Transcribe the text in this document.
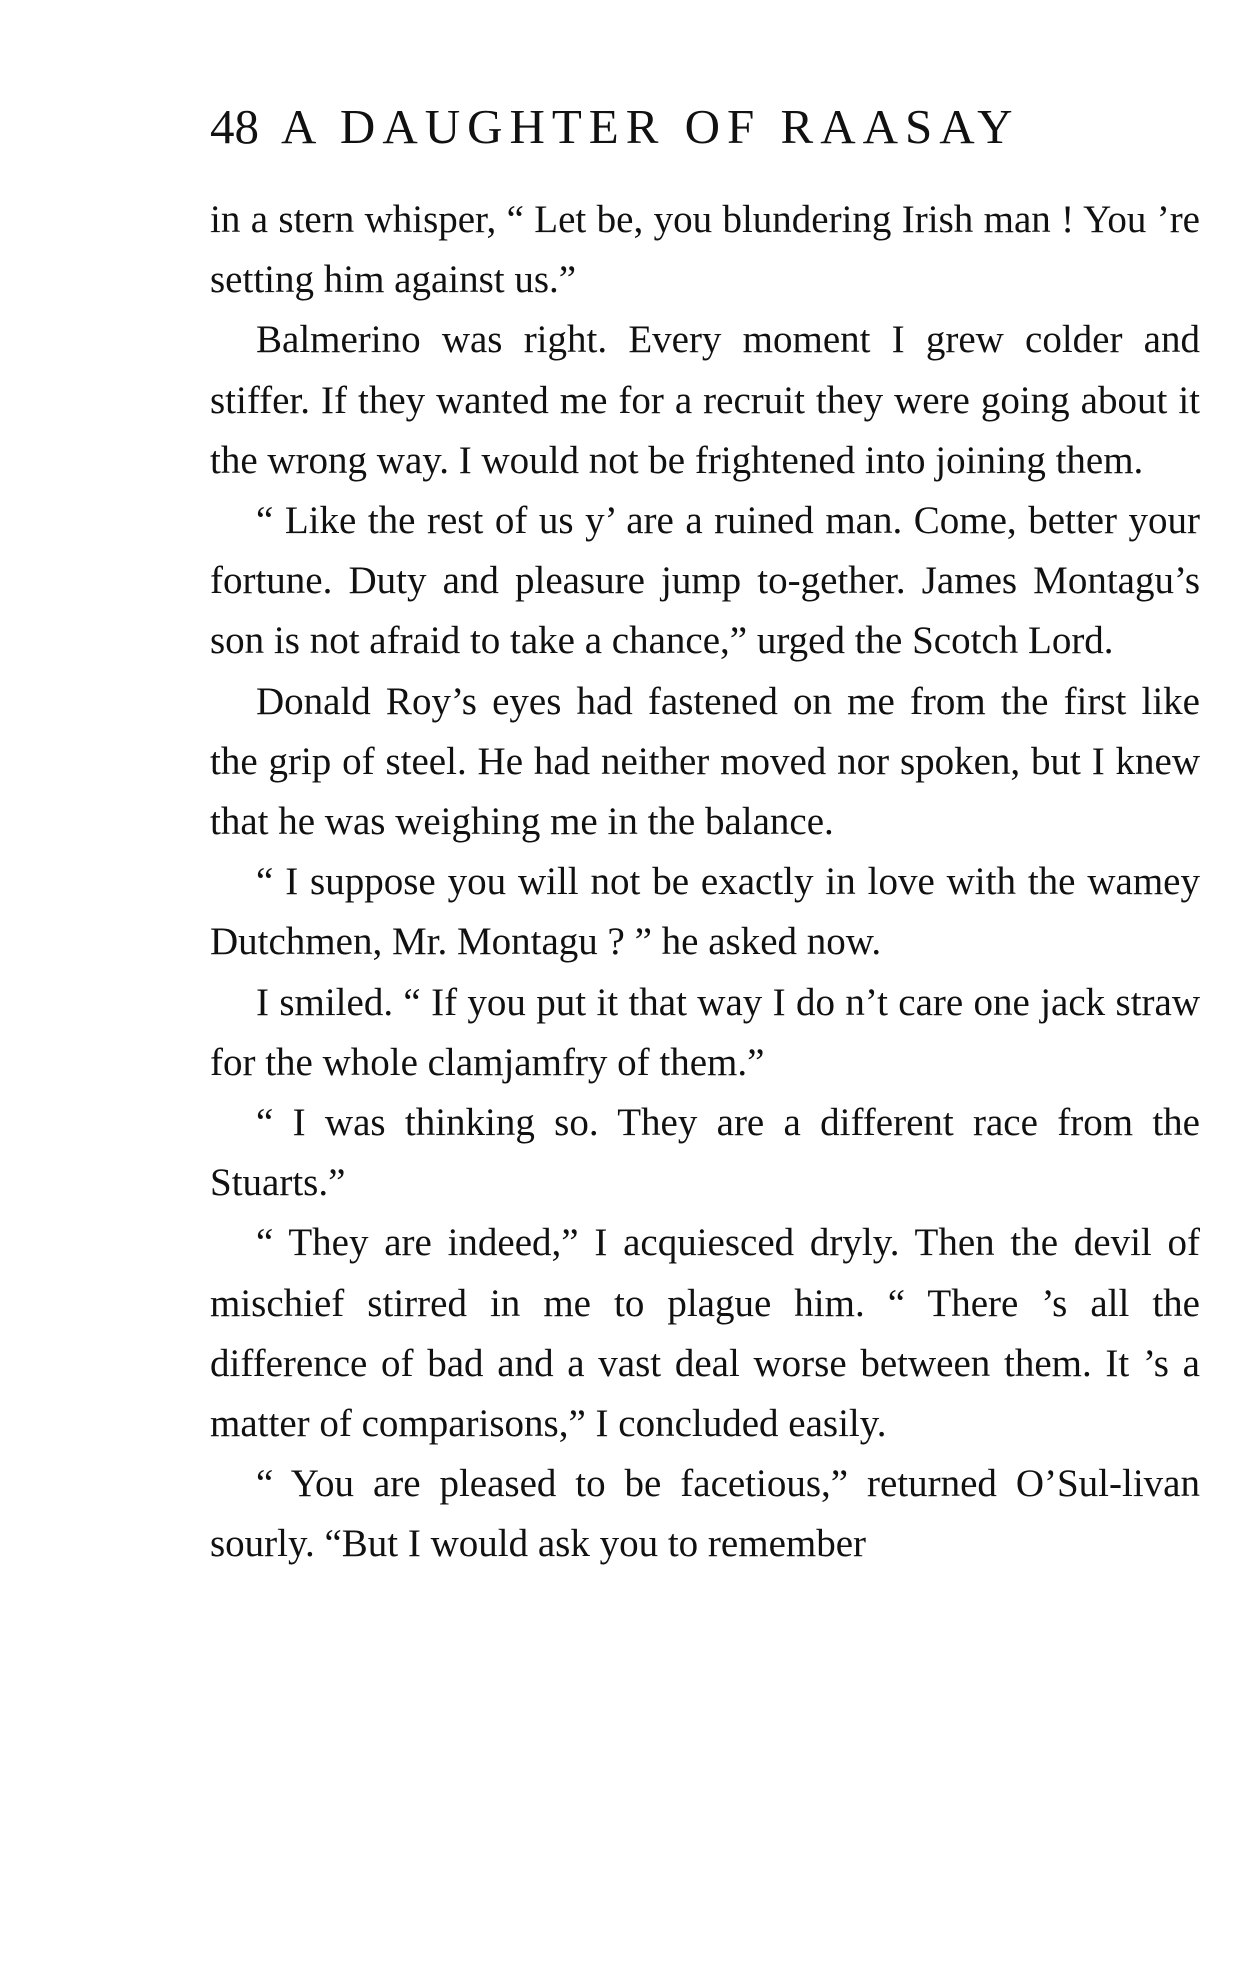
48 A DAUGHTER OF RAASAY

in a stern whisper, “ Let be, you blundering Irish man ! You ’re setting him against us.”

Balmerino was right. Every moment I grew colder and stiffer. If they wanted me for a recruit they were going about it the wrong way. I would not be frightened into joining them.

“ Like the rest of us y’ are a ruined man. Come, better your fortune. Duty and pleasure jump to-gether. James Montagu’s son is not afraid to take a chance,” urged the Scotch Lord.

Donald Roy’s eyes had fastened on me from the first like the grip of steel. He had neither moved nor spoken, but I knew that he was weighing me in the balance.

“ I suppose you will not be exactly in love with the wamey Dutchmen, Mr. Montagu ? ” he asked now.

I smiled. “ If you put it that way I do n’t care one jack straw for the whole clamjamfry of them.”

“ I was thinking so. They are a different race from the Stuarts.”

“ They are indeed,” I acquiesced dryly. Then the devil of mischief stirred in me to plague him. “ There ’s all the difference of bad and a vast deal worse between them. It ’s a matter of comparisons,” I concluded easily.

“ You are pleased to be facetious,” returned O’Sul-livan sourly. “But I would ask you to remember
